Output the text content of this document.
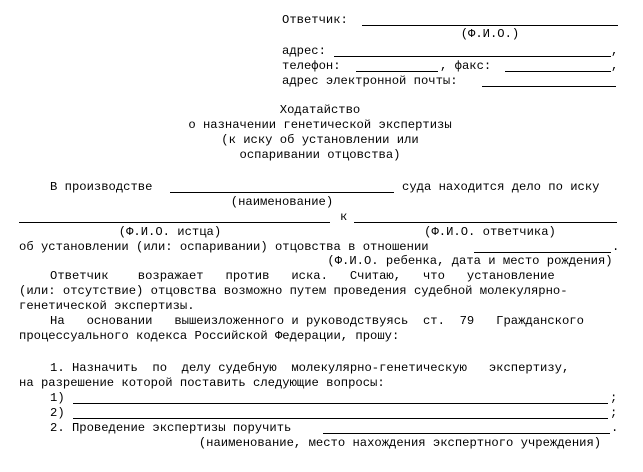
Ответчик:
(Ф.И.О.)
адрес:	,
телефон:	, факс:	,
адрес электронной почты:
Ходатайство
о назначении генетической экспертизы
(к иску об установлении или
оспаривании отцовства)
В производстве	суда находится дело по иску
(наименование)
к
(Ф.И.О. истца)	(Ф.И.О. ответчика)
об установлении (или: оспаривании) отцовства в отношении	.
(Ф.И.О. ребенка, дата и место рождения)
Ответчик    возражает   против   иска.   Считаю,   что   установление
(или: отсутствие) отцовства возможно путем проведения судебной молекулярно-
генетической экспертизы.
На   основании   вышеизложенного и руководствуясь  ст.  79   Гражданского
процессуального кодекса Российской Федерации, прошу:
1. Назначить  по  делу судебную  молекулярно-генетическую   экспертизу,
на разрешение которой поставить следующие вопросы:
1)	;
2)	;
2. Проведение экспертизы поручить	.
(наименование, место нахождения экспертного учреждения)
